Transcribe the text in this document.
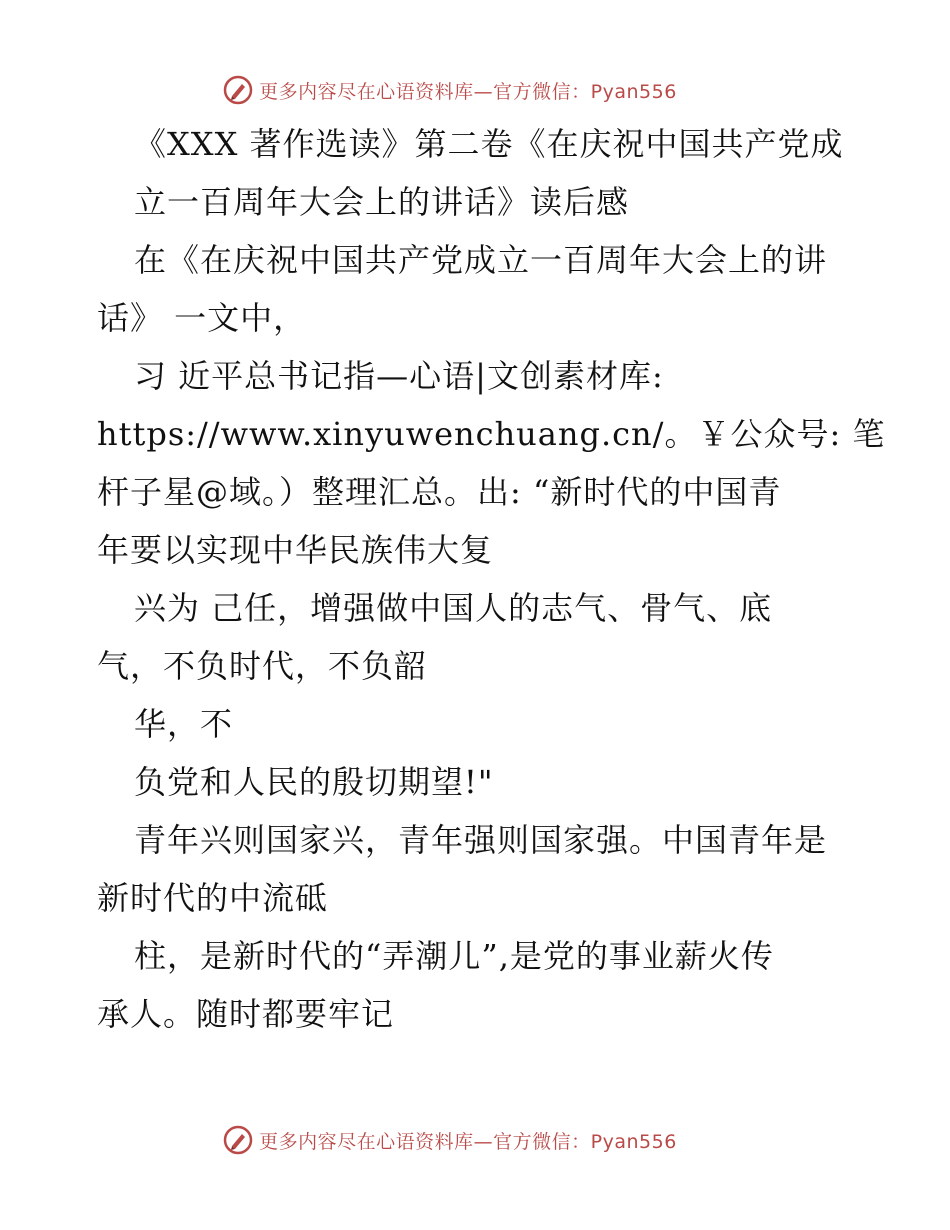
更多内容尽在心语资料库—官方微信：Pyan556
《XXX 著作选读》第二卷《在庆祝中国共产党成
立一百周年大会上的讲话》读后感
在《在庆祝中国共产党成立一百周年大会上的讲
话》 一文中，
习 近平总书记指—心语|文创素材库:
https://www.xinyuwenchuang.cn/。￥公众号: 笔
杆子星@域。）整理汇总。出: “新时代的中国青
年要以实现中华民族伟大复
兴为 己任，增强做中国人的志气、骨气、底
气，不负时代，不负韶
华，不
负党和人民的殷切期望!"
青年兴则国家兴，青年强则国家强。中国青年是
新时代的中流砥
柱，是新时代的“弄潮儿”,是党的事业薪火传
承人。随时都要牢记
更多内容尽在心语资料库—官方微信：Pyan556
